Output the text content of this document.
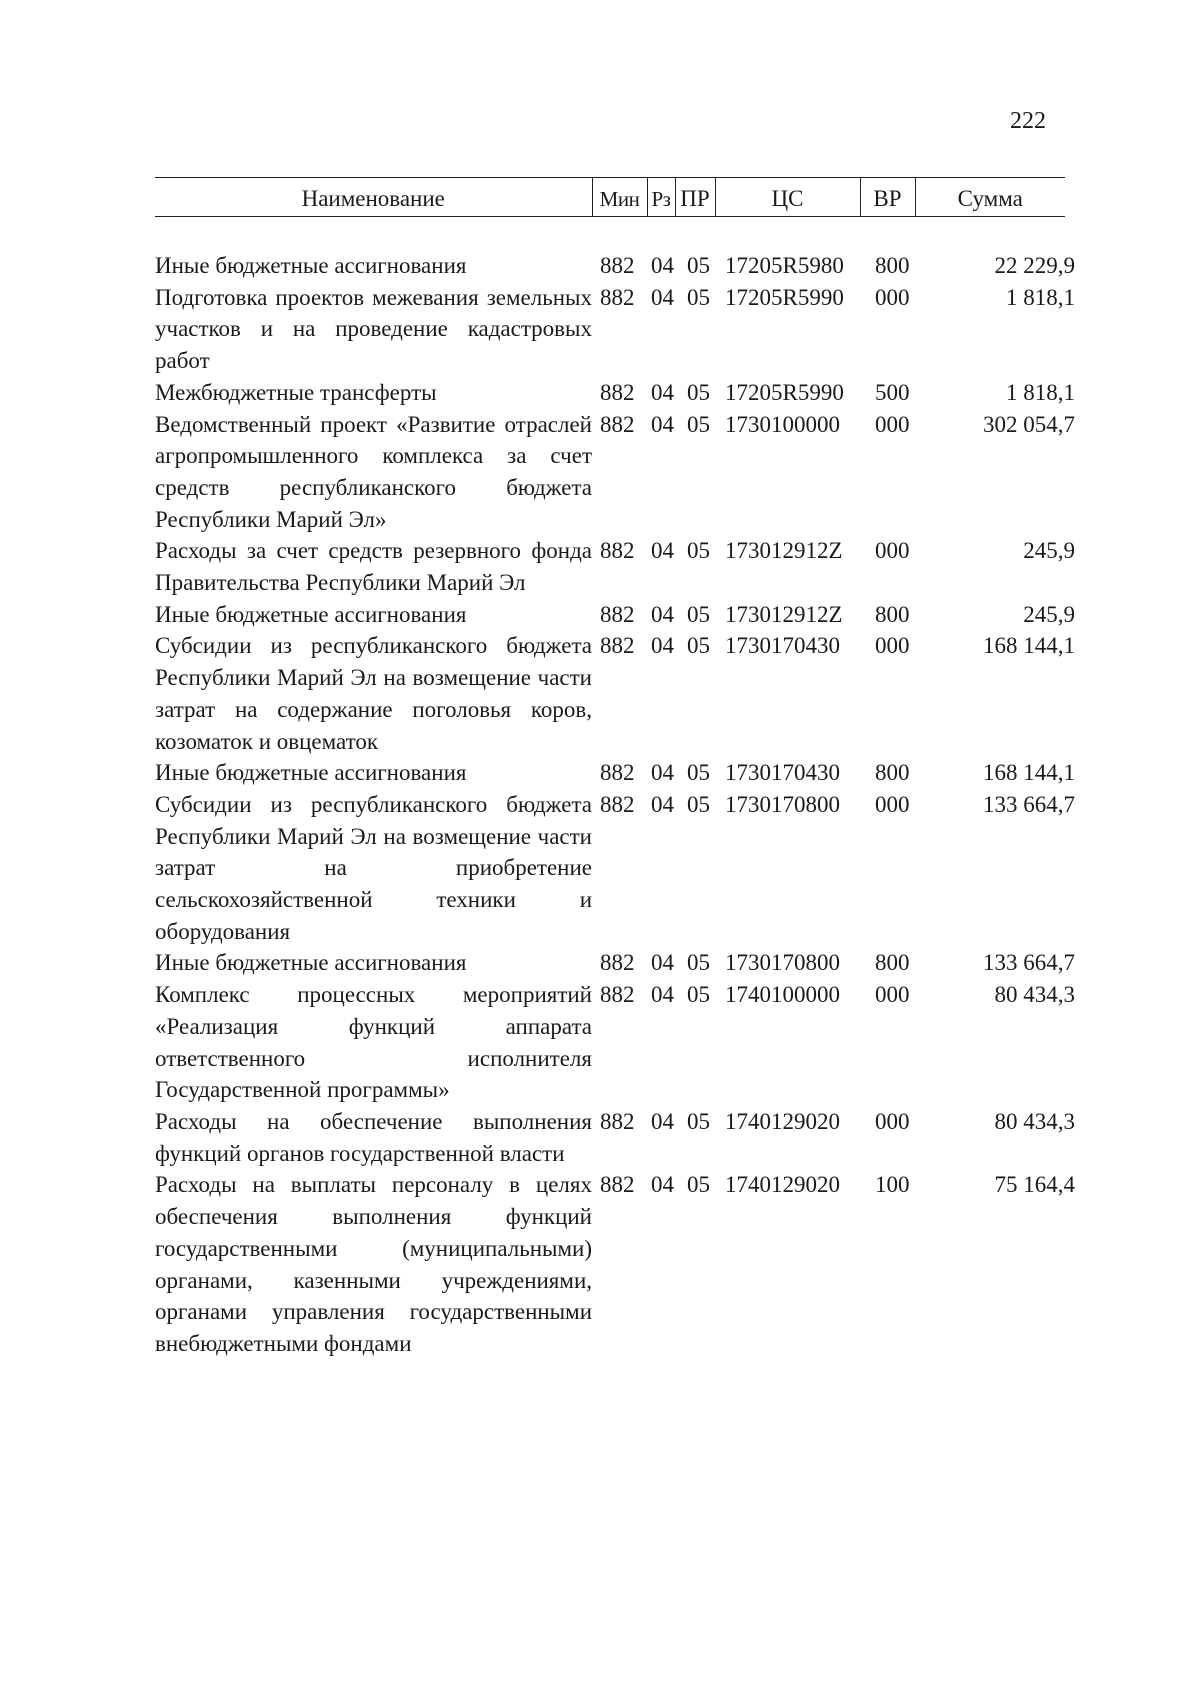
222
Наименование	Мин	Рз	ПР	ЦС	ВР	Сумма
Иные бюджетные ассигнования	882	04	05	17205R5980	800	22 229,9
Подготовка проектов межевания земельных участков и на проведение кадастровых работ	882	04	05	17205R5990	000	1 818,1
Межбюджетные трансферты	882	04	05	17205R5990	500	1 818,1
Ведомственный проект «Развитие отраслей агропромышленного комплекса за счет средств республиканского бюджета Республики Марий Эл»	882	04	05	1730100000	000	302 054,7
Расходы за счет средств резервного фонда Правительства Республики Марий Эл	882	04	05	173012912Z	000	245,9
Иные бюджетные ассигнования	882	04	05	173012912Z	800	245,9
Субсидии из республиканского бюджета Республики Марий Эл на возмещение части затрат на содержание поголовья коров, козоматок и овцематок	882	04	05	1730170430	000	168 144,1
Иные бюджетные ассигнования	882	04	05	1730170430	800	168 144,1
Субсидии из республиканского бюджета Республики Марий Эл на возмещение части затрат на приобретение сельскохозяйственной техники и оборудования	882	04	05	1730170800	000	133 664,7
Иные бюджетные ассигнования	882	04	05	1730170800	800	133 664,7
Комплекс процессных мероприятий «Реализация функций аппарата ответственного исполнителя Государственной программы»	882	04	05	1740100000	000	80 434,3
Расходы на обеспечение выполнения функций органов государственной власти	882	04	05	1740129020	000	80 434,3
Расходы на выплаты персоналу в целях обеспечения выполнения функций государственными (муниципальными) органами, казенными учреждениями, органами управления государственными внебюджетными фондами	882	04	05	1740129020	100	75 164,4
